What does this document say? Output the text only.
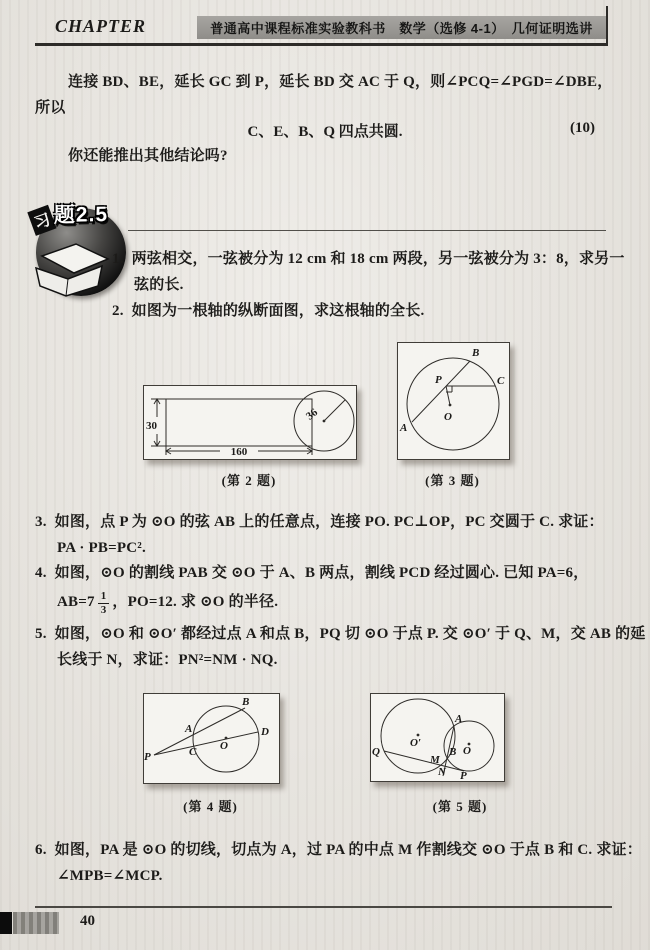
CHAPTER	普通高中课程标准实验教科书　数学（选修 4-1）　几何证明选讲
连接 BD、BE，延长 GC 到 P，延长 BD 交 AC 于 Q，则∠PCQ=∠PGD=∠DBE，
所以
C、E、B、Q 四点共圆.	(10)
你还能推出其他结论吗?
习题2.5
1. 两弦相交，一弦被分为 12 cm 和 18 cm 两段，另一弦被分为 3：8，求另一
弦的长.
2. 如图为一根轴的纵断面图，求这根轴的全长.
30
160
36
(第 2 题)
B
P	C
O
A
(第 3 题)
3. 如图，点 P 为 ⊙O 的弦 AB 上的任意点，连接 PO. PC⊥OP，PC 交圆于 C. 求证：
PA · PB=PC².
4. 如图，⊙O 的割线 PAB 交 ⊙O 于 A、B 两点，割线 PCD 经过圆心. 已知 PA=6，
$AB=7 \frac{1}{3}$ ，PO=12. 求 ⊙O 的半径.
5. 如图，⊙O 和 ⊙O′ 都经过点 A 和点 B，PQ 切 ⊙O 于点 P. 交 ⊙O′ 于 Q、M，交 AB 的延
长线于 N，求证：PN²=NM · NQ.
P
A
C O
B
D
(第 4 题)
O′
Q
M
B
N P
O
A
(第 5 题)
6. 如图，PA 是 ⊙O 的切线，切点为 A，过 PA 的中点 M 作割线交 ⊙O 于点 B 和 C. 求证：
∠MPB=∠MCP.
40
